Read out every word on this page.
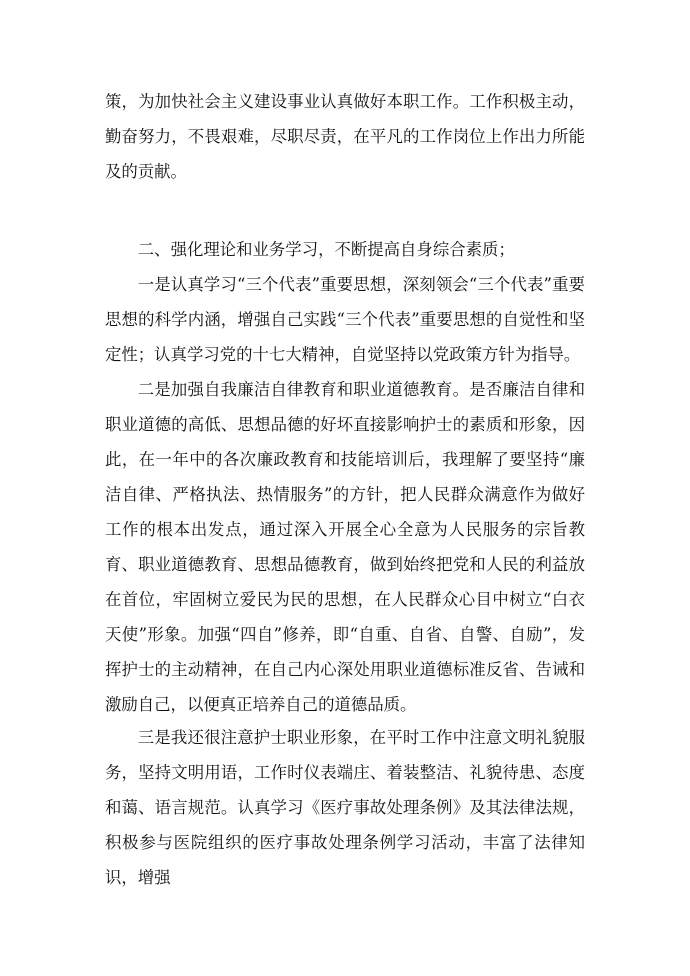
策，为加快社会主义建设事业认真做好本职工作。工作积极主动，勤奋努力，不畏艰难，尽职尽责，在平凡的工作岗位上作出力所能及的贡献。

二、强化理论和业务学习，不断提高自身综合素质；

一是认真学习“三个代表”重要思想，深刻领会“三个代表”重要思想的科学内涵，增强自己实践“三个代表”重要思想的自觉性和坚定性；认真学习党的十七大精神，自觉坚持以党政策方针为指导。

二是加强自我廉洁自律教育和职业道德教育。是否廉洁自律和职业道德的高低、思想品德的好坏直接影响护士的素质和形象，因此，在一年中的各次廉政教育和技能培训后，我理解了要坚持“廉洁自律、严格执法、热情服务”的方针，把人民群众满意作为做好工作的根本出发点，通过深入开展全心全意为人民服务的宗旨教育、职业道德教育、思想品德教育，做到始终把党和人民的利益放在首位，牢固树立爱民为民的思想，在人民群众心目中树立“白衣天使”形象。加强“四自”修养，即“自重、自省、自警、自励”，发挥护士的主动精神，在自己内心深处用职业道德标准反省、告诫和激励自己，以便真正培养自己的道德品质。

三是我还很注意护士职业形象，在平时工作中注意文明礼貌服务，坚持文明用语，工作时仪表端庄、着装整洁、礼貌待患、态度和蔼、语言规范。认真学习《医疗事故处理条例》及其法律法规，积极参与医院组织的医疗事故处理条例学习活动，丰富了法律知识，增强
